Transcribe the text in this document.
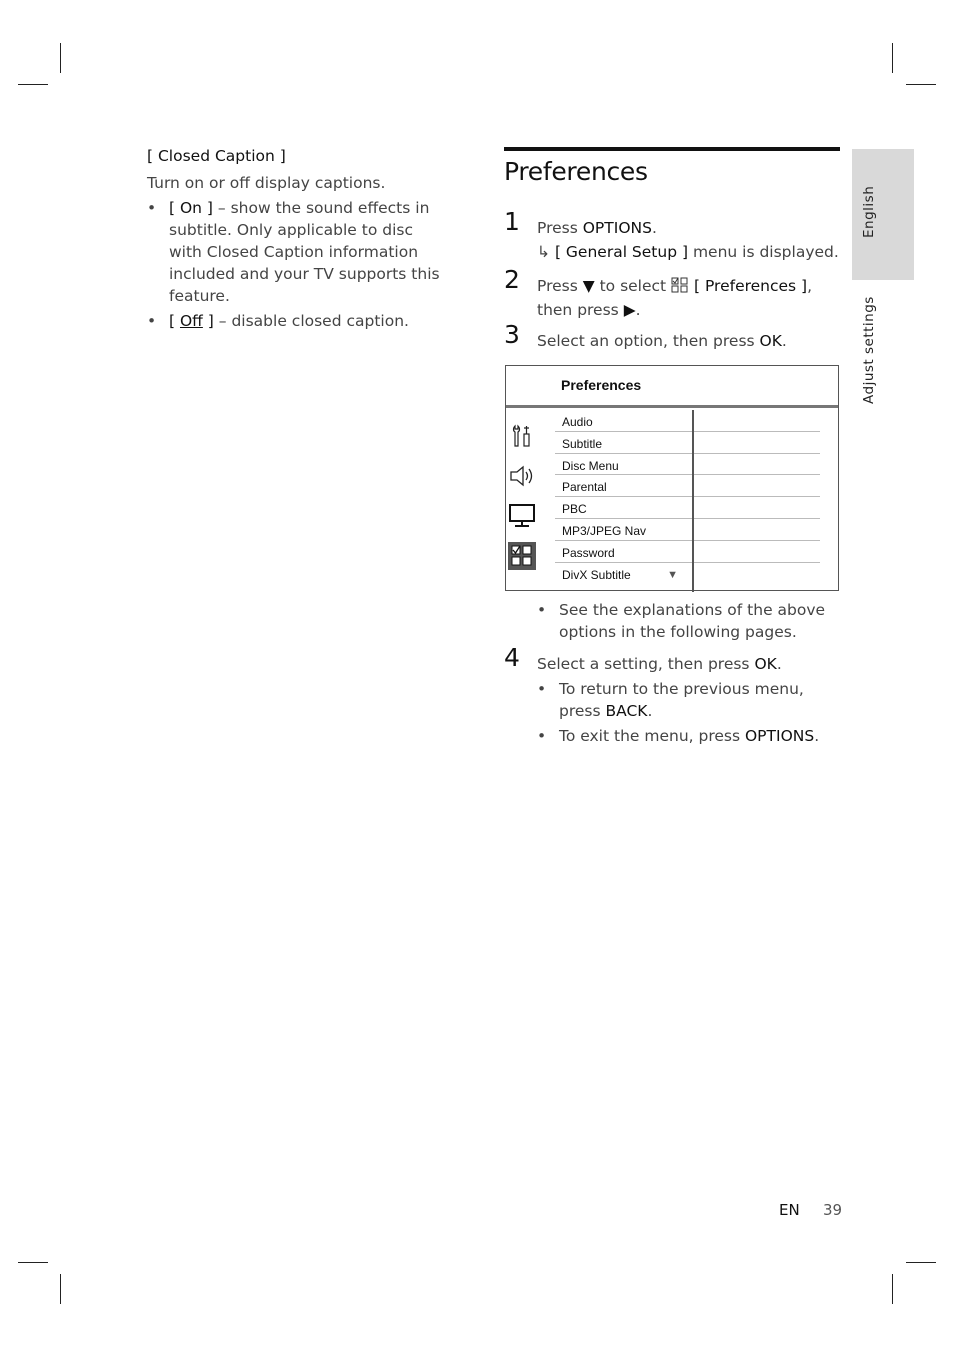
[ Closed Caption ]
Turn on or off display captions.
• [ On ] – show the sound effects in subtitle. Only applicable to disc with Closed Caption information included and your TV supports this feature.
• [ Off ] – disable closed caption.
Preferences
1 Press OPTIONS.
↳ [ General Setup ] menu is displayed.
2 Press ▼ to select  [ Preferences ], then press ▶.
3 Select an option, then press OK.
Preferences
Audio
Subtitle
Disc Menu
Parental
PBC
MP3/JPEG Nav
Password
DivX Subtitle	▼
• See the explanations of the above options in the following pages.
4 Select a setting, then press OK.
• To return to the previous menu, press BACK.
• To exit the menu, press OPTIONS.
English
Adjust settings
EN 39
